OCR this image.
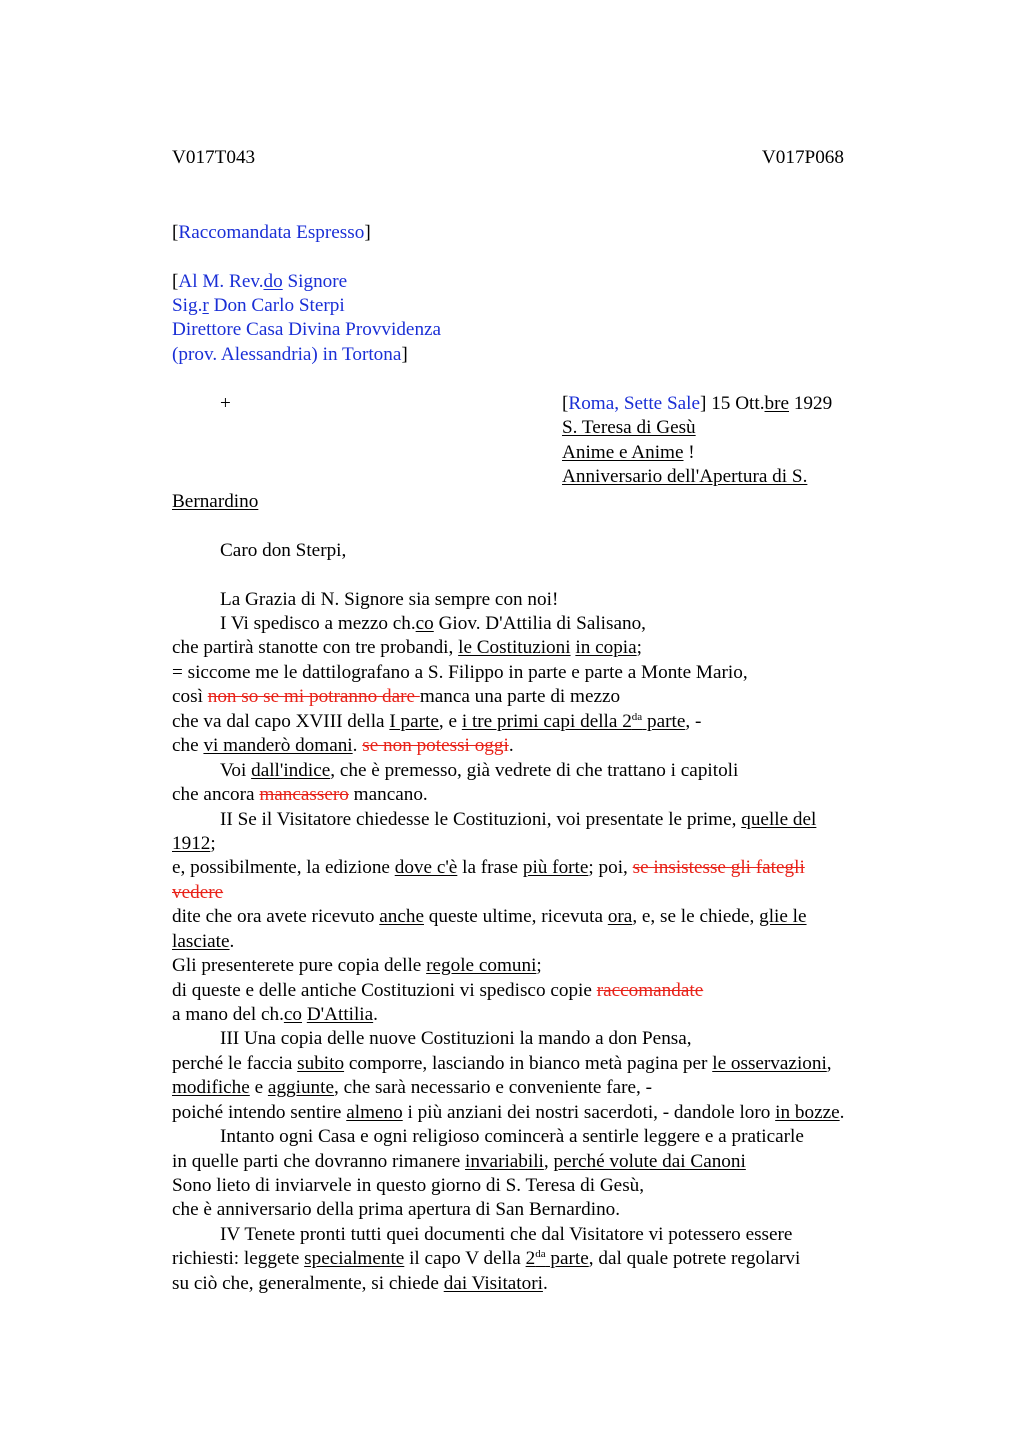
V017T043	V017P068
[Raccomandata Espresso]
[Al M. Rev.do Signore
Sig.r Don Carlo Sterpi
Direttore Casa Divina Provvidenza
(prov. Alessandria) in Tortona]
+	[Roma, Sette Sale] 15 Ott.bre 1929
S. Teresa di Gesù
Anime e Anime !
Anniversario dell'Apertura di S.
Bernardino
Caro don Sterpi,
La Grazia di N. Signore sia sempre con noi!
I Vi spedisco a mezzo ch.co Giov. D'Attilia di Salisano,
che partirà stanotte con tre probandi, le Costituzioni in copia;
= siccome me le dattilografano a S. Filippo in parte e parte a Monte Mario,
così non so se mi potranno dare manca una parte di mezzo
che va dal capo XVIII della I parte, e i tre primi capi della $2^{da}$ parte, -
che vi manderò domani. se non potessi oggi.
Voi dall'indice, che è premesso, già vedrete di che trattano i capitoli
che ancora mancassero mancano.
II Se il Visitatore chiedesse le Costituzioni, voi presentate le prime, quelle del
1912;
e, possibilmente, la edizione dove c'è la frase più forte; poi, se insistesse gli fategli
vedere
dite che ora avete ricevuto anche queste ultime, ricevuta ora, e, se le chiede, glie le
lasciate.
Gli presenterete pure copia delle regole comuni;
di queste e delle antiche Costituzioni vi spedisco copie raccomandate
a mano del ch.co D'Attilia.
III Una copia delle nuove Costituzioni la mando a don Pensa,
perché le faccia subito comporre, lasciando in bianco metà pagina per le osservazioni,
modifiche e aggiunte, che sarà necessario e conveniente fare, -
poiché intendo sentire almeno i più anziani dei nostri sacerdoti, - dandole loro in bozze.
Intanto ogni Casa e ogni religioso comincerà a sentirle leggere e a praticarle
in quelle parti che dovranno rimanere invariabili, perché volute dai Canoni
Sono lieto di inviarvele in questo giorno di S. Teresa di Gesù,
che è anniversario della prima apertura di San Bernardino.
IV Tenete pronti tutti quei documenti che dal Visitatore vi potessero essere
richiesti: leggete specialmente il capo V della $2^{da}$ parte, dal quale potrete regolarvi
su ciò che, generalmente, si chiede dai Visitatori.
